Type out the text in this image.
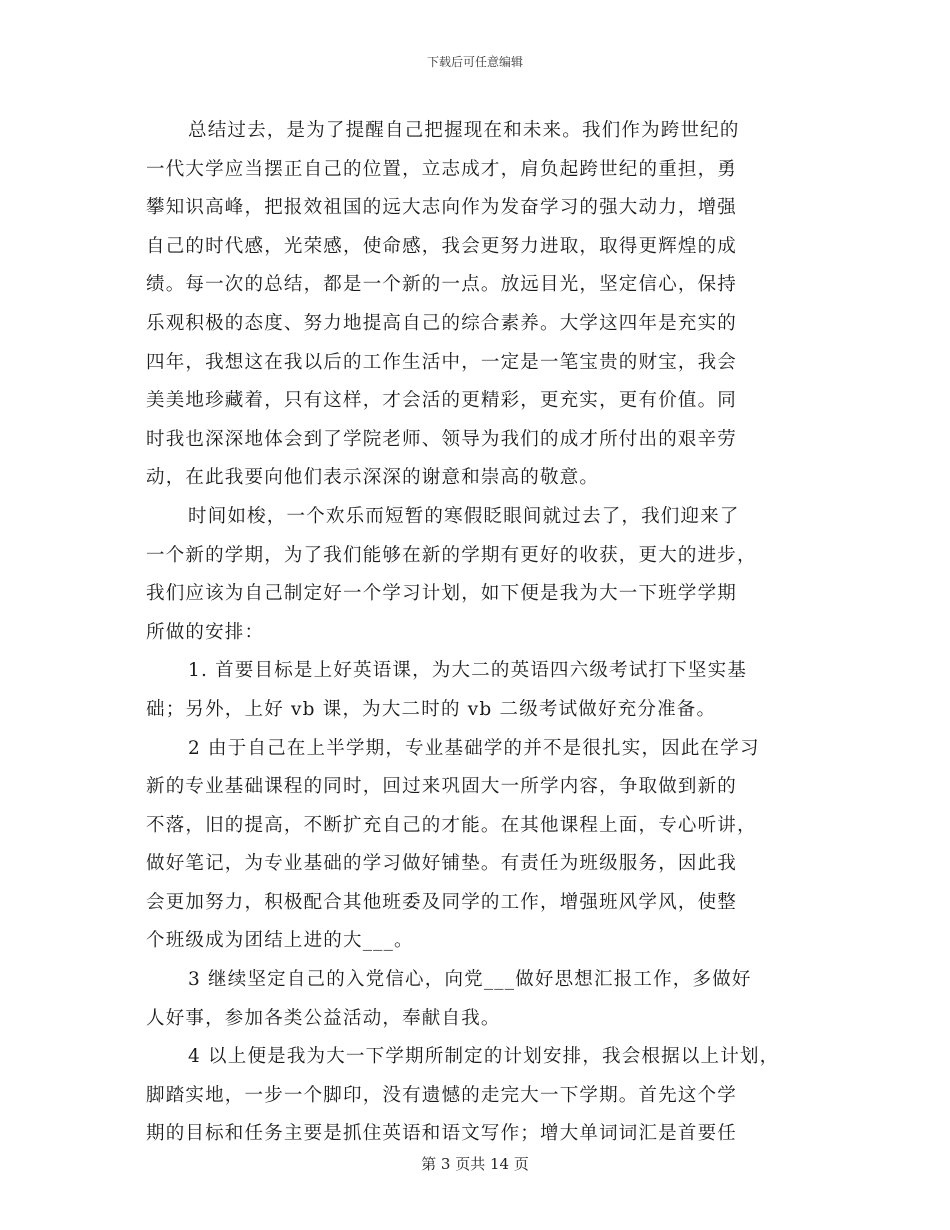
下载后可任意编辑
总结过去，是为了提醒自己把握现在和未来。我们作为跨世纪的
一代大学应当摆正自己的位置，立志成才，肩负起跨世纪的重担，勇
攀知识高峰，把报效祖国的远大志向作为发奋学习的强大动力，增强
自己的时代感，光荣感，使命感，我会更努力进取，取得更辉煌的成
绩。每一次的总结，都是一个新的一点。放远目光，坚定信心，保持
乐观积极的态度、努力地提高自己的综合素养。大学这四年是充实的
四年，我想这在我以后的工作生活中，一定是一笔宝贵的财宝，我会
美美地珍藏着，只有这样，才会活的更精彩，更充实，更有价值。同
时我也深深地体会到了学院老师、领导为我们的成才所付出的艰辛劳
动，在此我要向他们表示深深的谢意和崇高的敬意。
时间如梭，一个欢乐而短暂的寒假眨眼间就过去了，我们迎来了
一个新的学期，为了我们能够在新的学期有更好的收获，更大的进步，
我们应该为自己制定好一个学习计划，如下便是我为大一下班学学期
所做的安排：
1. 首要目标是上好英语课，为大二的英语四六级考试打下坚实基
础；另外，上好 vb 课，为大二时的 vb 二级考试做好充分准备。
2 由于自己在上半学期，专业基础学的并不是很扎实，因此在学习
新的专业基础课程的同时，回过来巩固大一所学内容，争取做到新的
不落，旧的提高，不断扩充自己的才能。在其他课程上面，专心听讲，
做好笔记，为专业基础的学习做好铺垫。有责任为班级服务，因此我
会更加努力，积极配合其他班委及同学的工作，增强班风学风，使整
个班级成为团结上进的大___。
3 继续坚定自己的入党信心，向党___做好思想汇报工作，多做好
人好事，参加各类公益活动，奉献自我。
4 以上便是我为大一下学期所制定的计划安排，我会根据以上计划，
脚踏实地，一步一个脚印，没有遗憾的走完大一下学期。首先这个学
期的目标和任务主要是抓住英语和语文写作；增大单词词汇是首要任
第 3 页共 14 页
